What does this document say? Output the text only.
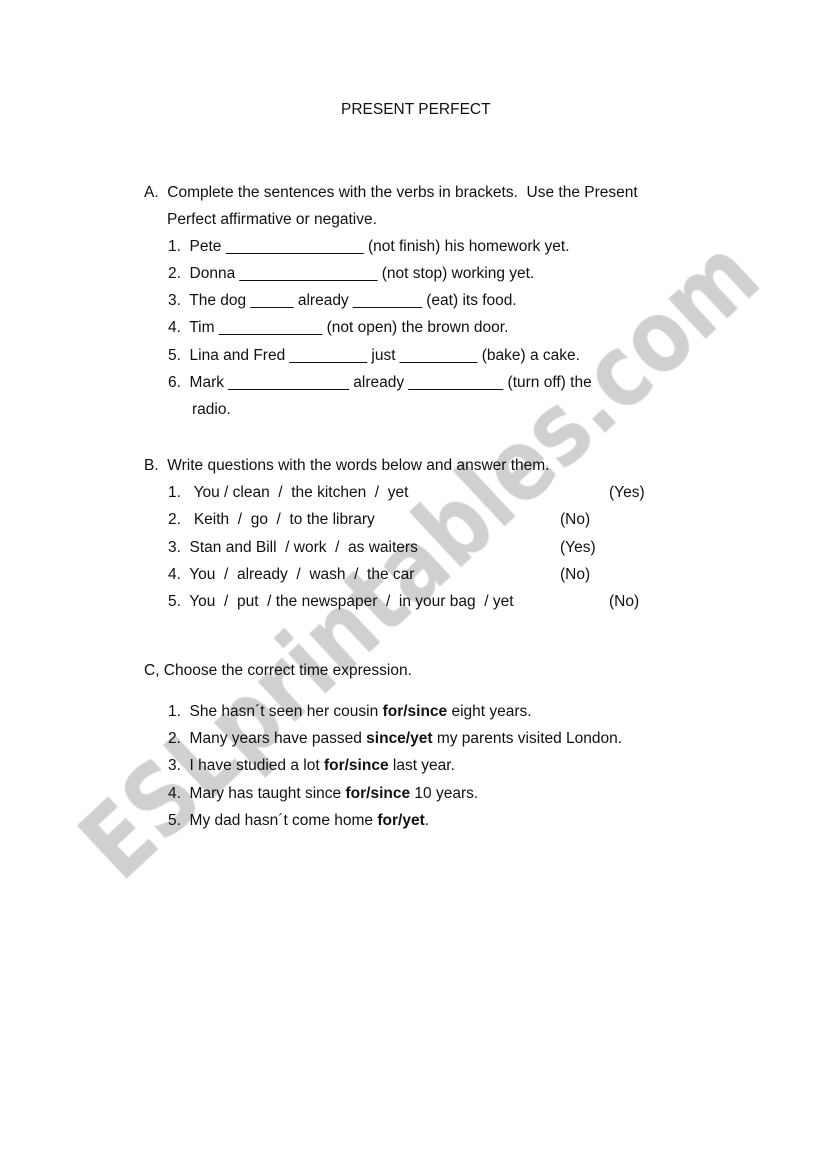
PRESENT PERFECT
A.  Complete the sentences with the verbs in brackets.  Use the Present
Perfect affirmative or negative.
1.  Pete ________________ (not finish) his homework yet.
2.  Donna ________________ (not stop) working yet.
3.  The dog _____ already ________ (eat) its food.
4.  Tim ____________ (not open) the brown door.
5.  Lina and Fred _________ just _________ (bake) a cake.
6.  Mark ______________ already ___________ (turn off) the
radio.
B.  Write questions with the words below and answer them.
1.   You / clean  /  the kitchen  /  yet	(Yes)
2.   Keith  /  go  /  to the library	(No)
3.  Stan and Bill  / work  /  as waiters	(Yes)
4.  You  /  already  /  wash  /  the car	(No)
5.  You  /  put  / the newspaper  /  in your bag  / yet	(No)
C, Choose the correct time expression.
1.  She hasn´t seen her cousin for/since eight years.
2.  Many years have passed since/yet my parents visited London.
3.  I have studied a lot for/since last year.
4.  Mary has taught since for/since 10 years.
5.  My dad hasn´t come home for/yet.
